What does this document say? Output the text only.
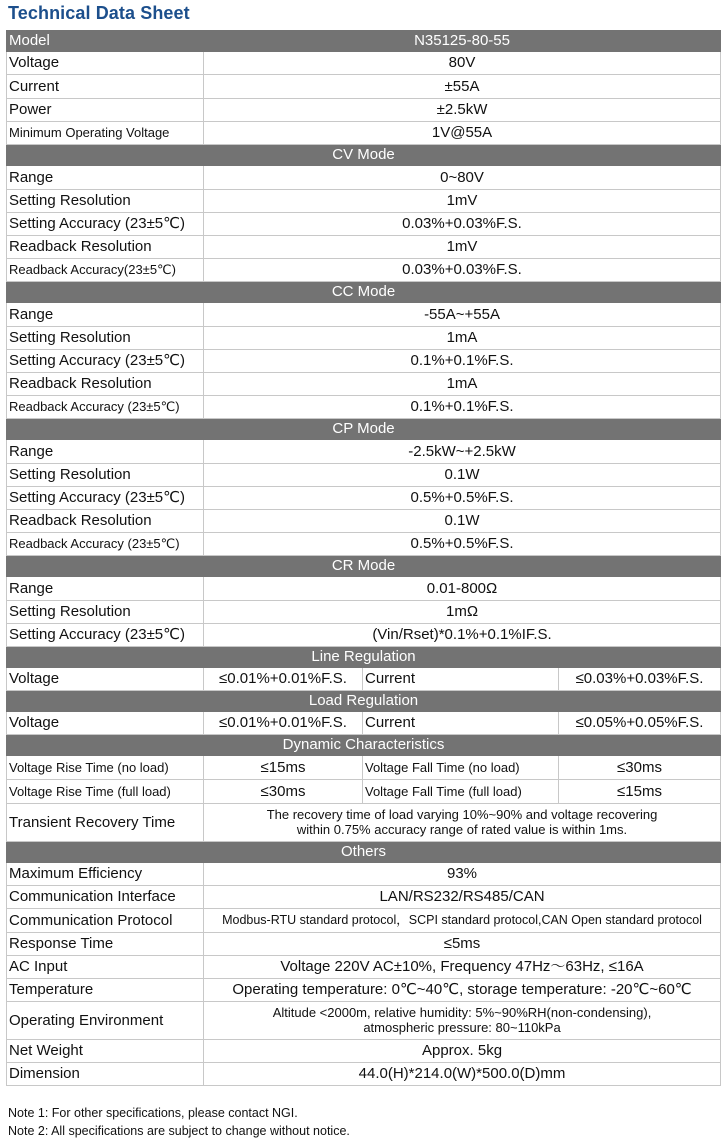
Technical Data Sheet
Model	N35125-80-55		
Voltage	80V		
Current	±55A		
Power	±2.5kW		
Minimum Operating Voltage	1V@55A		
CV Mode			
Range	0~80V		
Setting Resolution	1mV		
Setting Accuracy (23±5℃)	0.03%+0.03%F.S.		
Readback Resolution	1mV		
Readback Accuracy(23±5℃)	0.03%+0.03%F.S.		
CC Mode			
Range	-55A~+55A		
Setting Resolution	1mA		
Setting Accuracy (23±5℃)	0.1%+0.1%F.S.		
Readback Resolution	1mA		
Readback Accuracy (23±5℃)	0.1%+0.1%F.S.		
CP Mode			
Range	-2.5kW~+2.5kW		
Setting Resolution	0.1W		
Setting Accuracy (23±5℃)	0.5%+0.5%F.S.		
Readback Resolution	0.1W		
Readback Accuracy (23±5℃)	0.5%+0.5%F.S.		
CR Mode			
Range	0.01-800Ω		
Setting Resolution	1mΩ		
Setting Accuracy (23±5℃)	(Vin/Rset)*0.1%+0.1%IF.S.		
Line Regulation			
Voltage	≤0.01%+0.01%F.S.	Current	≤0.03%+0.03%F.S.
Load Regulation			
Voltage	≤0.01%+0.01%F.S.	Current	≤0.05%+0.05%F.S.
Dynamic Characteristics			
Voltage Rise Time (no load)	≤15ms	Voltage Fall Time (no load)	≤30ms
Voltage Rise Time (full load)	≤30ms	Voltage Fall Time (full load)	≤15ms
Transient Recovery Time	The recovery time of load varying 10%~90% and voltage recovering
within 0.75% accuracy range of rated value is within 1ms.		

Others			
Maximum Efficiency	93%		
Communication Interface	LAN/RS232/RS485/CAN		
Communication Protocol	Modbus-RTU standard protocol，SCPI standard protocol,CAN Open standard protocol		
Response Time	≤5ms		
AC Input	Voltage 220V AC±10%, Frequency 47Hz～63Hz, ≤16A		
Temperature	Operating temperature: 0℃~40℃, storage temperature: -20℃~60℃		
Operating Environment	Altitude <2000m, relative humidity: 5%~90%RH(non-condensing),
atmospheric pressure: 80~110kPa		

Net Weight	Approx. 5kg		
Dimension	44.0(H)*214.0(W)*500.0(D)mm		
Note 1: For other specifications, please contact NGI.
Note 2: All specifications are subject to change without notice.
